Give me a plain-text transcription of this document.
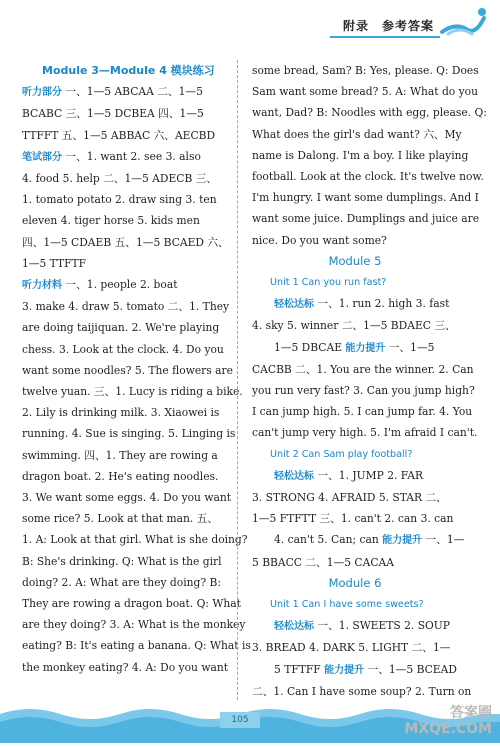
附录　参考答案
Module 3—Module 4 模块练习
听力部分 一、1—5 ABCAA 二、1—5
BCABC 三、1—5 DCBEA 四、1—5
TTFFT 五、1—5 ABBAC 六、AECBD
笔试部分 一、1. want 2. see 3. also
4. food 5. help 二、1—5 ADECB 三、
1. tomato potato 2. draw sing 3. ten
eleven 4. tiger horse 5. kids men
四、1—5 CDAEB 五、1—5 BCAED 六、
1—5 TTFTF
听力材料 一、1. people 2. boat
3. make 4. draw 5. tomato 二、1. They
are doing taijiquan. 2. We're playing
chess. 3. Look at the clock. 4. Do you
want some noodles? 5. The flowers are
twelve yuan. 三、1. Lucy is riding a bike.
2. Lily is drinking milk. 3. Xiaowei is
running. 4. Sue is singing. 5. Linging is
swimming. 四、1. They are rowing a
dragon boat. 2. He's eating noodles.
3. We want some eggs. 4. Do you want
some rice? 5. Look at that man. 五、
1. A: Look at that girl. What is she doing?
B: She's drinking. Q: What is the girl
doing? 2. A: What are they doing? B:
They are rowing a dragon boat. Q: What
are they doing? 3. A: What is the monkey
eating? B: It's eating a banana. Q: What is
the monkey eating? 4. A: Do you want
some bread, Sam? B: Yes, please. Q: Does
Sam want some bread? 5. A: What do you
want, Dad? B: Noodles with egg, please. Q:
What does the girl's dad want? 六、My
name is Dalong. I'm a boy. I like playing
football. Look at the clock. It's twelve now.
I'm hungry. I want some dumplings. And I
want some juice. Dumplings and juice are
nice. Do you want some?
Module 5
Unit 1 Can you run fast?
轻松达标 一、1. run 2. high 3. fast
4. sky 5. winner 二、1—5 BDAEC 三、
1—5 DBCAE 能力提升 一、1—5
CACBB 二、1. You are the winner. 2. Can
you run very fast? 3. Can you jump high?
I can jump high. 5. I can jump far. 4. You
can't jump very high. 5. I'm afraid I can't.
Unit 2 Can Sam play football?
轻松达标 一、1. JUMP 2. FAR
3. STRONG 4. AFRAID 5. STAR 二、
1—5 FTFTT 三、1. can't 2. can 3. can
4. can't 5. Can; can 能力提升 一、1—
5 BBACC 二、1—5 CACAA
Module 6
Unit 1 Can I have some sweets?
轻松达标 一、1. SWEETS 2. SOUP
3. BREAD 4. DARK 5. LIGHT 二、1—
5 TFTFF 能力提升 一、1—5 BCEAD
二、1. Can I have some soup? 2. Turn on
105	答案圈
MXQE.COM
